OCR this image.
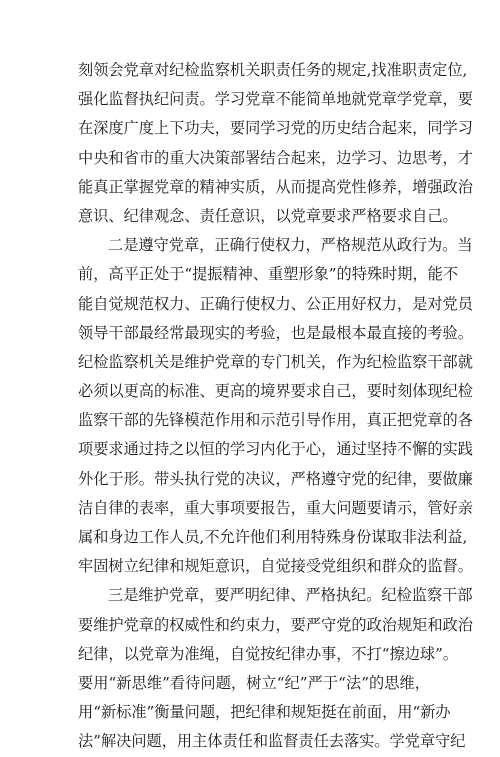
刻领会党章对纪检监察机关职责任务的规定,找准职责定位,
强化监督执纪问责。学习党章不能简单地就党章学党章，要
在深度广度上下功夫，要同学习党的历史结合起来，同学习
中央和省市的重大决策部署结合起来，边学习、边思考，才
能真正掌握党章的精神实质，从而提高党性修养，增强政治
意识、纪律观念、责任意识，以党章要求严格要求自己。
二是遵守党章，正确行使权力，严格规范从政行为。当
前，高平正处于“提振精神、重塑形象”的特殊时期，能不
能自觉规范权力、正确行使权力、公正用好权力，是对党员
领导干部最经常最现实的考验，也是最根本最直接的考验。
纪检监察机关是维护党章的专门机关，作为纪检监察干部就
必须以更高的标准、更高的境界要求自己，要时刻体现纪检
监察干部的先锋模范作用和示范引导作用，真正把党章的各
项要求通过持之以恒的学习内化于心，通过坚持不懈的实践
外化于形。带头执行党的决议，严格遵守党的纪律，要做廉
洁自律的表率，重大事项要报告，重大问题要请示，管好亲
属和身边工作人员,不允许他们利用特殊身份谋取非法利益,
牢固树立纪律和规矩意识，自觉接受党组织和群众的监督。
三是维护党章，要严明纪律、严格执纪。纪检监察干部
要维护党章的权威性和约束力，要严守党的政治规矩和政治
纪律，以党章为准绳，自觉按纪律办事，不打“擦边球”。
要用“新思维”看待问题，树立“纪”严于“法”的思维，
用“新标准”衡量问题，把纪律和规矩挺在前面，用“新办
法”解决问题，用主体责任和监督责任去落实。学党章守纪
